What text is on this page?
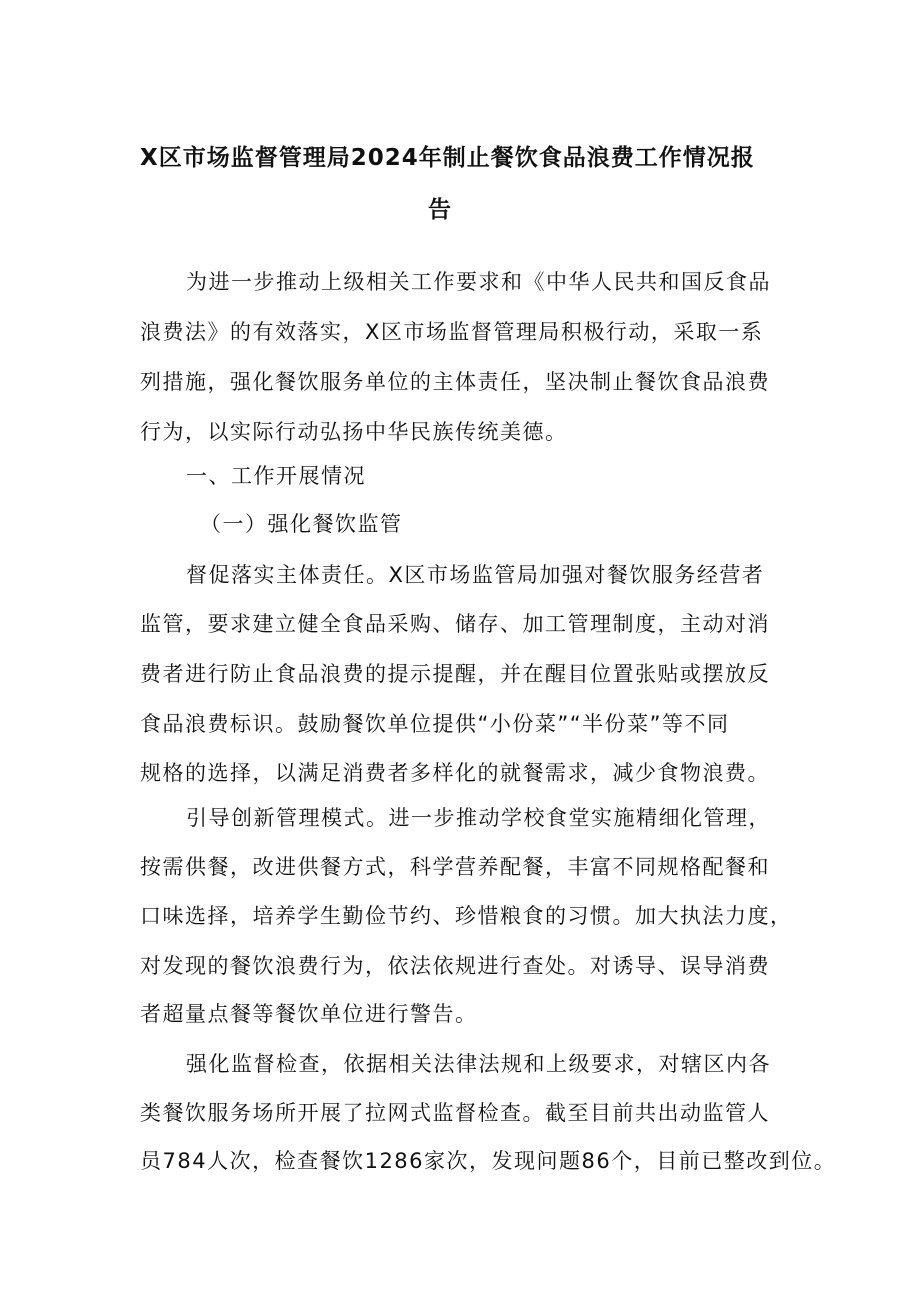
X区市场监督管理局2024年制止餐饮食品浪费工作情况报
告
为进一步推动上级相关工作要求和《中华人民共和国反食品
浪费法》的有效落实，X区市场监督管理局积极行动，采取一系
列措施，强化餐饮服务单位的主体责任，坚决制止餐饮食品浪费
行为，以实际行动弘扬中华民族传统美德。
一、工作开展情况
（一）强化餐饮监管
督促落实主体责任。X区市场监管局加强对餐饮服务经营者
监管，要求建立健全食品采购、储存、加工管理制度，主动对消
费者进行防止食品浪费的提示提醒，并在醒目位置张贴或摆放反
食品浪费标识。鼓励餐饮单位提供“小份菜”“半份菜”等不同
规格的选择，以满足消费者多样化的就餐需求，减少食物浪费。
引导创新管理模式。进一步推动学校食堂实施精细化管理，
按需供餐，改进供餐方式，科学营养配餐，丰富不同规格配餐和
口味选择，培养学生勤俭节约、珍惜粮食的习惯。加大执法力度，
对发现的餐饮浪费行为，依法依规进行查处。对诱导、误导消费
者超量点餐等餐饮单位进行警告。
强化监督检查，依据相关法律法规和上级要求，对辖区内各
类餐饮服务场所开展了拉网式监督检查。截至目前共出动监管人
员784人次，检查餐饮1286家次，发现问题86个，目前已整改到位。
